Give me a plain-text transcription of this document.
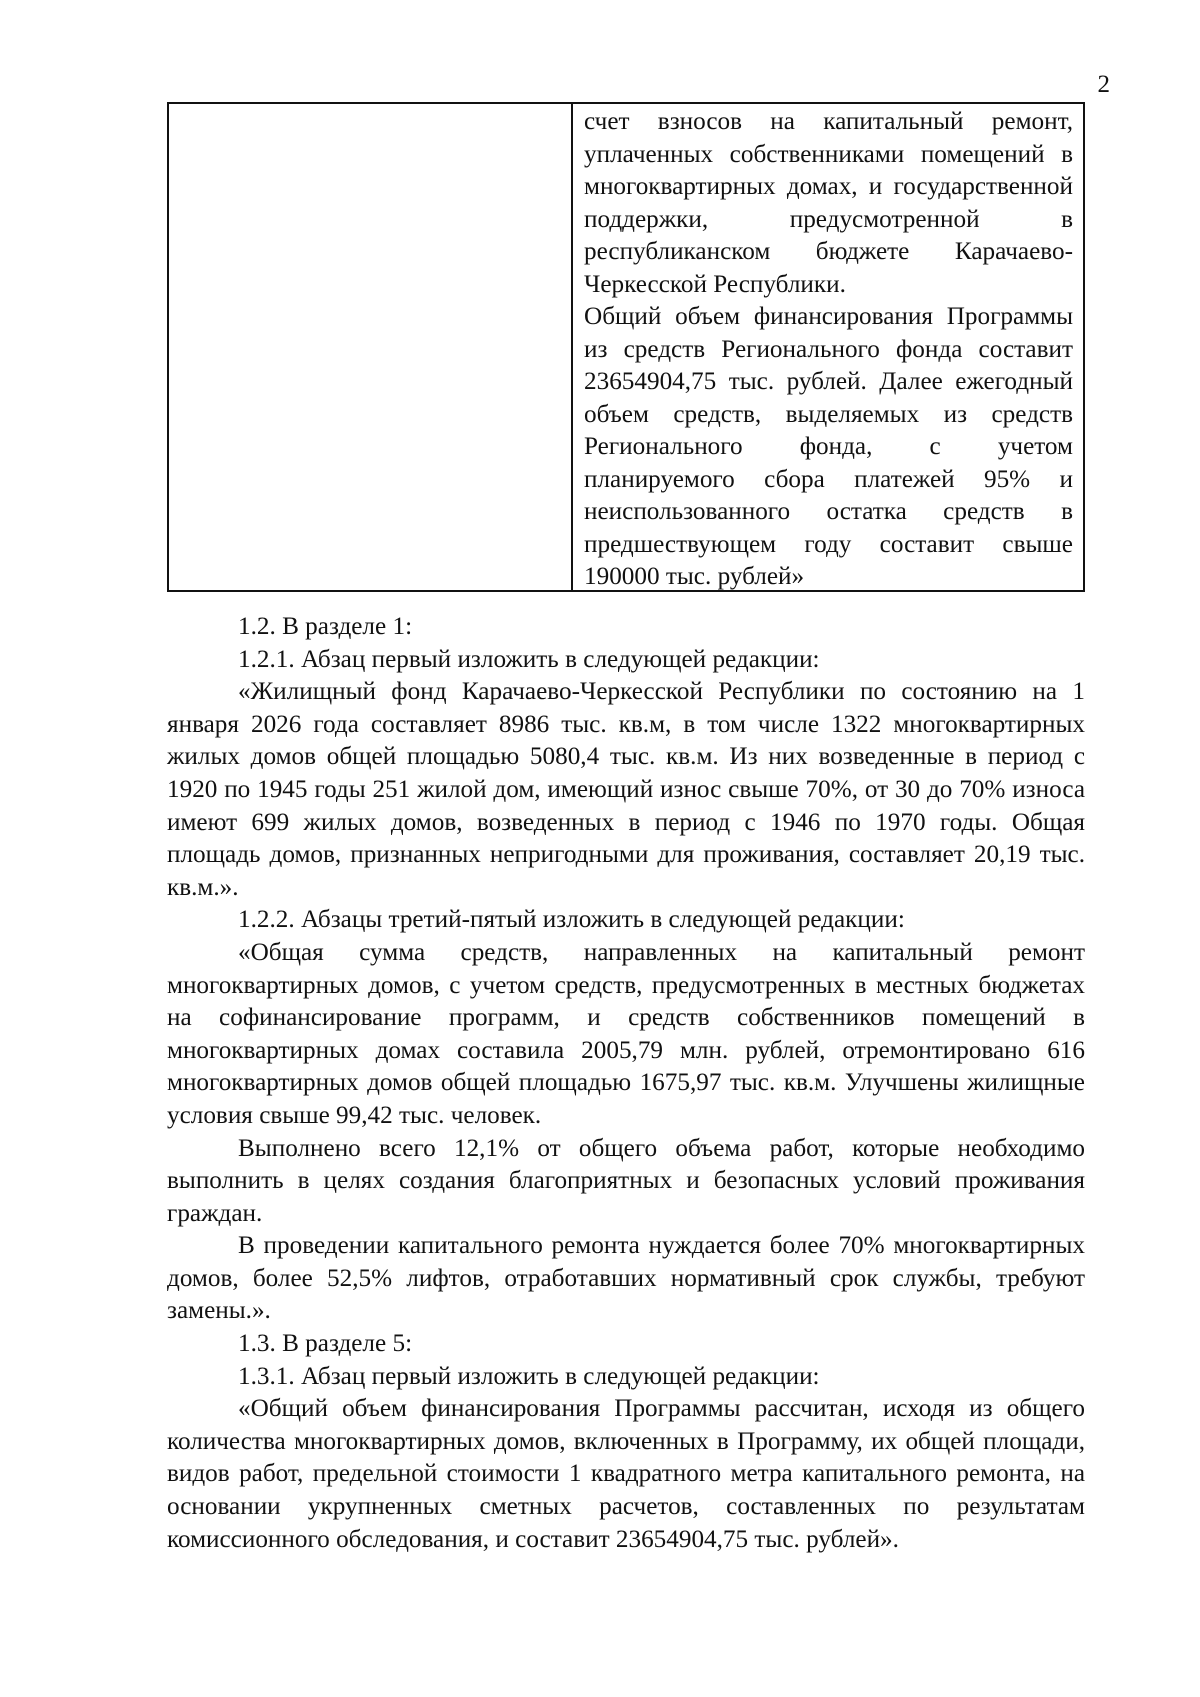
2

счет взносов на капитальный ремонт, уплаченных собственниками помещений в многоквартирных домах, и государственной поддержки, предусмотренной в республиканском бюджете Карачаево-Черкесской Республики.

Общий объем финансирования Программы из средств Регионального фонда составит 23654904,75 тыс. рублей. Далее ежегодный объем средств, выделяемых из средств Регионального фонда, с учетом планируемого сбора платежей 95% и неиспользованного остатка средств в предшествующем году составит свыше 190000 тыс. рублей»

1.2. В разделе 1:

1.2.1. Абзац первый изложить в следующей редакции:

«Жилищный фонд Карачаево-Черкесской Республики по состоянию на 1 января 2026 года составляет 8986 тыс. кв.м, в том числе 1322 многоквартирных жилых домов общей площадью 5080,4 тыс. кв.м. Из них возведенные в период с 1920 по 1945 годы 251 жилой дом, имеющий износ свыше 70%, от 30 до 70% износа имеют 699 жилых домов, возведенных в период с 1946 по 1970 годы. Общая площадь домов, признанных непригодными для проживания, составляет 20,19 тыс. кв.м.».

1.2.2. Абзацы третий-пятый изложить в следующей редакции:

«Общая сумма средств, направленных на капитальный ремонт многоквартирных домов, с учетом средств, предусмотренных в местных бюджетах на софинансирование программ, и средств собственников помещений в многоквартирных домах составила 2005,79 млн. рублей, отремонтировано 616 многоквартирных домов общей площадью 1675,97 тыс. кв.м. Улучшены жилищные условия свыше 99,42 тыс. человек.

Выполнено всего 12,1% от общего объема работ, которые необходимо выполнить в целях создания благоприятных и безопасных условий проживания граждан.

В проведении капитального ремонта нуждается более 70% многоквартирных домов, более 52,5% лифтов, отработавших нормативный срок службы, требуют замены.».

1.3. В разделе 5:

1.3.1. Абзац первый изложить в следующей редакции:

«Общий объем финансирования Программы рассчитан, исходя из общего количества многоквартирных домов, включенных в Программу, их общей площади, видов работ, предельной стоимости 1 квадратного метра капитального ремонта, на основании укрупненных сметных расчетов, составленных по результатам комиссионного обследования, и составит 23654904,75 тыс. рублей».
